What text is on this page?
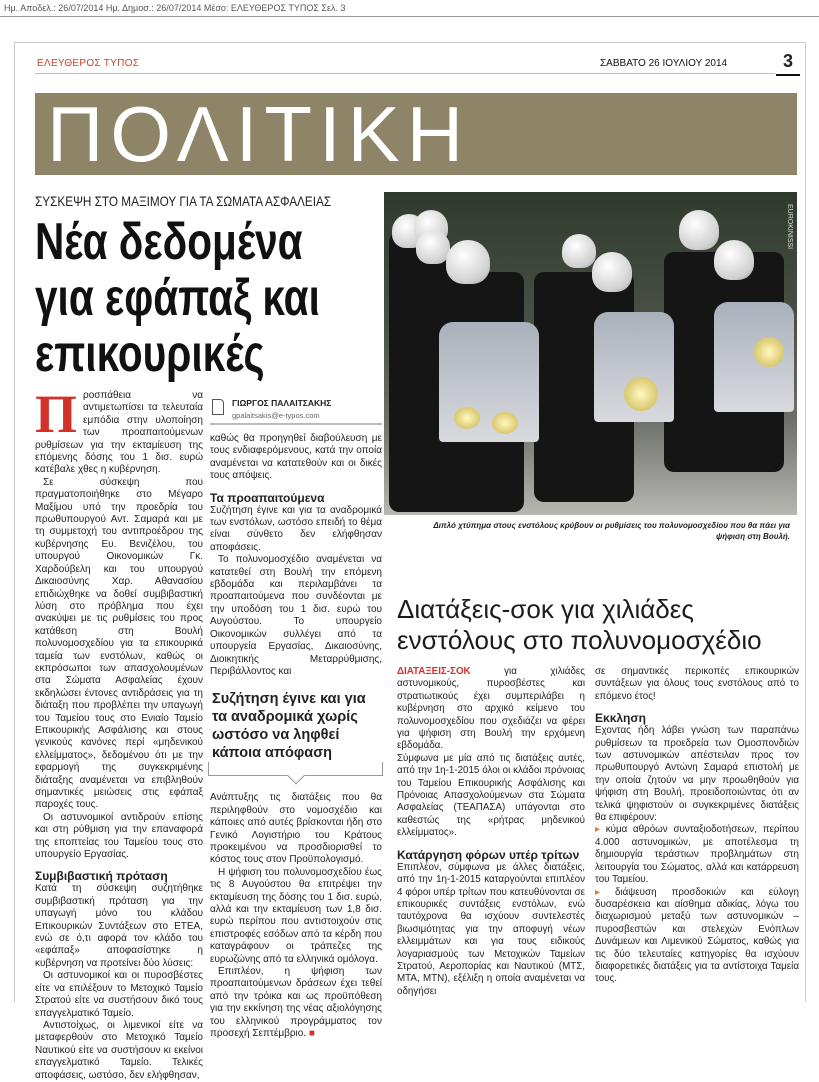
Ημ. Αποδελ.: 26/07/2014 Ημ. Δημοσ.: 26/07/2014 Μέσο: ΕΛΕΥΘΕΡΟΣ ΤΥΠΟΣ Σελ. 3
ΕΛΕΥΘΕΡΟΣ ΤΥΠΟΣ	ΣΑΒΒΑΤΟ 26 ΙΟΥΛΙΟΥ 2014	3
ΠΟΛΙΤΙΚΗ
ΣΥΣΚΕΨΗ ΣΤΟ ΜΑΞΙΜΟΥ ΓΙΑ ΤΑ ΣΩΜΑΤΑ ΑΣΦΑΛΕΙΑΣ
Νέα δεδομένα
για εφάπαξ και
επικουρικές
EUROKINISSI
Διπλό χτύπημα στους ενστόλους κρύβουν οι ρυθμίσεις του πολυνομοσχεδίου που θα πάει για ψήφιση στη Βουλή.

Προσπάθεια να αντιμετωπίσει τα τελευταία εμπόδια στην υλοποίηση των προαπαιτούμενων ρυθμίσεων για την εκταμίευση της επόμενης δόσης του 1 δισ. ευρώ κατέβαλε χθες η κυβέρνηση.

Σε σύσκεψη που πραγματοποιήθηκε στο Μέγαρο Μαξίμου υπό την προεδρία του πρωθυπουργού Αντ. Σαμαρά και με τη συμμετοχή του αντιπροέδρου της κυβέρνησης Ευ. Βενιζέλου, του υπουργού Οικονομικών Γκ. Χαρδούβελη και του υπουργού Δικαιοσύνης Χαρ. Αθανασίου επιδιώχθηκε να δοθεί συμβιβαστική λύση στο πρόβλημα που έχει ανακύψει με τις ρυθμίσεις του προς κατάθεση στη Βουλή πολυνομοσχεδίου για τα επικουρικά ταμεία των ενστόλων, καθώς οι εκπρόσωποι των απασχολουμένων στα Σώματα Ασφαλείας έχουν εκδηλώσει έντονες αντιδράσεις για τη διάταξη που προβλέπει την υπαγωγή του Ταμείου τους στο Ενιαίο Ταμείο Επικουρικής Ασφάλισης και στους γενικούς κανόνες περί «μηδενικού ελλείμματος», δεδομένου ότι με την εφαρμογή της συγκεκριμένης διάταξης αναμένεται να επιβληθούν σημαντικές μειώσεις στις εφάπαξ παροχές τους.

Οι αστυνομικοί αντιδρούν επίσης και στη ρύθμιση για την επαναφορά της εποπτείας του Ταμείου τους στο υπουργείο Εργασίας.

Συμβιβαστική πρόταση

Κατά τη σύσκεψη συζητήθηκε συμβιβαστική πρόταση για την υπαγωγή μόνο του κλάδου Επικουρικών Συντάξεων στο ΕΤΕΑ, ενώ σε ό,τι αφορά τον κλάδο του «εφάπαξ» αποφασίστηκε η κυβέρνηση να προτείνει δύο λύσεις:

Οι αστυνομικοί και οι πυροσβέστες είτε να επιλέξουν το Μετοχικό Ταμείο Στρατού είτε να συστήσουν δικό τους επαγγελματικό Ταμείο.

Αντιστοίχως, οι λιμενικοί είτε να μεταφερθούν στο Μετοχικό Ταμείο Ναυτικού είτε να συστήσουν κι εκείνοι επαγγελματικό Ταμείο. Τελικές αποφάσεις, ωστόσο, δεν ελήφθησαν,

ΓΙΩΡΓΟΣ ΠΑΛΑΙΤΣΑΚΗΣ
gpalaitsakis@e-typos.com

καθώς θα προηγηθεί διαβούλευση με τους ενδιαφερόμενους, κατά την οποία αναμένεται να κατατεθούν και οι δικές τους απόψεις.

Τα προαπαιτούμενα

Συζήτηση έγινε και για τα αναδρομικά των ενστόλων, ωστόσο επειδή το θέμα είναι σύνθετο δεν ελήφθησαν αποφάσεις.

Το πολυνομοσχέδιο αναμένεται να κατατεθεί στη Βουλή την επόμενη εβδομάδα και περιλαμβάνει τα προαπαιτούμενα που συνδέονται με την υποδόση του 1 δισ. ευρώ του Αυγούστου. Το υπουργείο Οικονομικών συλλέγει από τα υπουργεία Εργασίας, Δικαιοσύνης, Διοικητικής Μεταρρύθμισης, Περιβάλλοντος και

Συζήτηση έγινε και για τα αναδρομικά χωρίς ωστόσο να ληφθεί κάποια απόφαση

Ανάπτυξης τις διατάξεις που θα περιληφθούν στο νομοσχέδιο και κάποιες από αυτές βρίσκονται ήδη στο Γενικό Λογιστήριο του Κράτους προκειμένου να προσδιορισθεί το κόστος τους στον Προϋπολογισμό.

Η ψήφιση του πολυνομοσχεδίου έως τις 8 Αυγούστου θα επιτρέψει την εκταμίευση της δόσης του 1 δισ. ευρώ, αλλά και την εκταμίευση των 1,8 δισ. ευρώ περίπου που αντιστοιχούν στις επιστροφές εσόδων από τα κέρδη που καταγράφουν οι τράπεζες της ευρωζώνης από τα ελληνικά ομόλογα.

Επιπλέον, η ψήφιση των προαπαιτούμενων δράσεων έχει τεθεί από την τρόικα και ως προϋπόθεση για την εκκίνηση της νέας αξιολόγησης του ελληνικού προγράμματος τον προσεχή Σεπτέμβριο. ■

Διατάξεις-σοκ για χιλιάδες ενστόλους στο πολυνομοσχέδιο

ΔΙΑΤΑΞΕΙΣ-ΣΟΚ για χιλιάδες αστυνομικούς, πυροσβέστες και στρατιωτικούς έχει συμπεριλάβει η κυβέρνηση στο αρχικό κείμενο του πολυνομοσχεδίου που σχεδιάζει να φέρει για ψήφιση στη Βουλή την ερχόμενη εβδομάδα.

Σύμφωνα με μία από τις διατάξεις αυτές, από την 1η-1-2015 όλοι οι κλάδοι πρόνοιας του Ταμείου Επικουρικής Ασφάλισης και Πρόνοιας Απασχολούμενων στα Σώματα Ασφαλείας (ΤΕΑΠΑΣΑ) υπάγονται στο καθεστώς της «ρήτρας μηδενικού ελλείμματος».

Κατάργηση φόρων υπέρ τρίτων

Επιπλέον, σύμφωνα με άλλες διατάξεις, από την 1η-1-2015 καταργούνται επιπλέον 4 φόροι υπέρ τρίτων που κατευθύνονται σε επικουρικές συντάξεις ενστόλων, ενώ ταυτόχρονα θα ισχύουν συντελεστές βιωσιμότητας για την αποφυγή νέων ελλειμμάτων και για τους ειδικούς λογαριασμούς των Μετοχικών Ταμείων Στρατού, Αεροπορίας και Ναυτικού (ΜΤΣ, ΜΤΑ, ΜΤΝ), εξέλιξη η οποία αναμένεται να οδηγήσει

σε σημαντικές περικοπές επικουρικών συντάξεων για όλους τους ενστόλους από το επόμενο έτος!

Εκκληση

Εχοντας ήδη λάβει γνώση των παραπάνω ρυθμίσεων τα προεδρεία των Ομοσπονδιών των αστυνομικών απέστειλαν προς τον πρωθυπουργό Αντώνη Σαμαρά επιστολή με την οποία ζητούν να μην προωθηθούν για ψήφιση στη Βουλή, προειδοποιώντας ότι αν τελικά ψηφιστούν οι συγκεκριμένες διατάξεις θα επιφέρουν:

▸ κύμα αθρόων συνταξιοδοτήσεων, περίπου 4.000 αστυνομικών, με αποτέλεσμα τη δημιουργία τεράστιων προβλημάτων στη λειτουργία του Σώματος, αλλά και κατάρρευση του Ταμείου.

▸ διάψευση προσδοκιών και εύλογη δυσαρέσκεια και αίσθημα αδικίας, λόγω του διαχωρισμού μεταξύ των αστυνομικών – πυροσβεστών και στελεχών Ενόπλων Δυνάμεων και Λιμενικού Σώματος, καθώς για τις δύο τελευταίες κατηγορίες θα ισχύουν διαφορετικές διατάξεις για τα αντίστοιχα Ταμεία τους.
